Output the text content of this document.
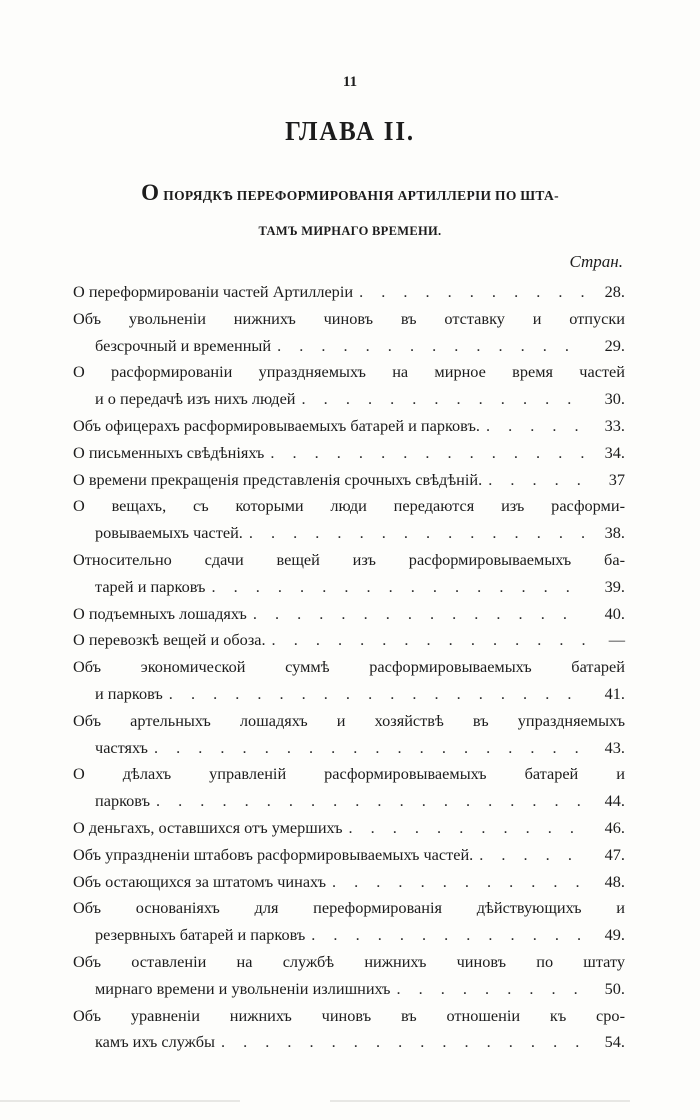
11
ГЛАВА II.
ОПОРЯДКѢ ПЕРЕФОРМИРОВАНІЯ АРТИЛЛЕРІИ ПО ШТА-
ТАМЪ МИРНАГО ВРЕМЕНИ.
Стран.
О переформированіи частей Артиллеріи . . .	28.
Объ увольненіи нижнихъ чиновъ въ отставку и отпуски
безсрочный и временный . . .	29.
О расформированіи упраздняемыхъ на мирное время частей
и о передачѣ изъ нихъ людей . . .	30.
Объ офицерахъ расформировываемыхъ батарей и парковъ. . . .	33.
О письменныхъ свѣдѣніяхъ . . .	34.
О времени прекращенія представленія срочныхъ свѣдѣній. . . .	37
О вещахъ, съ которыми люди передаются изъ расформи-
ровываемыхъ частей. . . .	38.
Относительно сдачи вещей изъ расформировываемыхъ ба-
тарей и парковъ . . .	39.
О подъемныхъ лошадяхъ . . .	40.
О перевозкѣ вещей и обоза. . . .	—
Объ экономической суммѣ расформировываемыхъ батарей
и парковъ . . .	41.
Объ артельныхъ лошадяхъ и хозяйствѣ въ упраздняемыхъ
частяхъ . . .	43.
О дѣлахъ управленій расформировываемыхъ батарей и
парковъ . . .	44.
О деньгахъ, оставшихся отъ умершихъ . . .	46.
Объ упраздненіи штабовъ расформировываемыхъ частей. . . .	47.
Объ остающихся за штатомъ чинахъ . . .	48.
Объ основаніяхъ для переформированія дѣйствующихъ и
резервныхъ батарей и парковъ . . .	49.
Объ оставленіи на службѣ нижнихъ чиновъ по штату
мирнаго времени и увольненіи излишнихъ . . .	50.
Объ уравненіи нижнихъ чиновъ въ отношеніи къ сро-
камъ ихъ службы . . .	54.
